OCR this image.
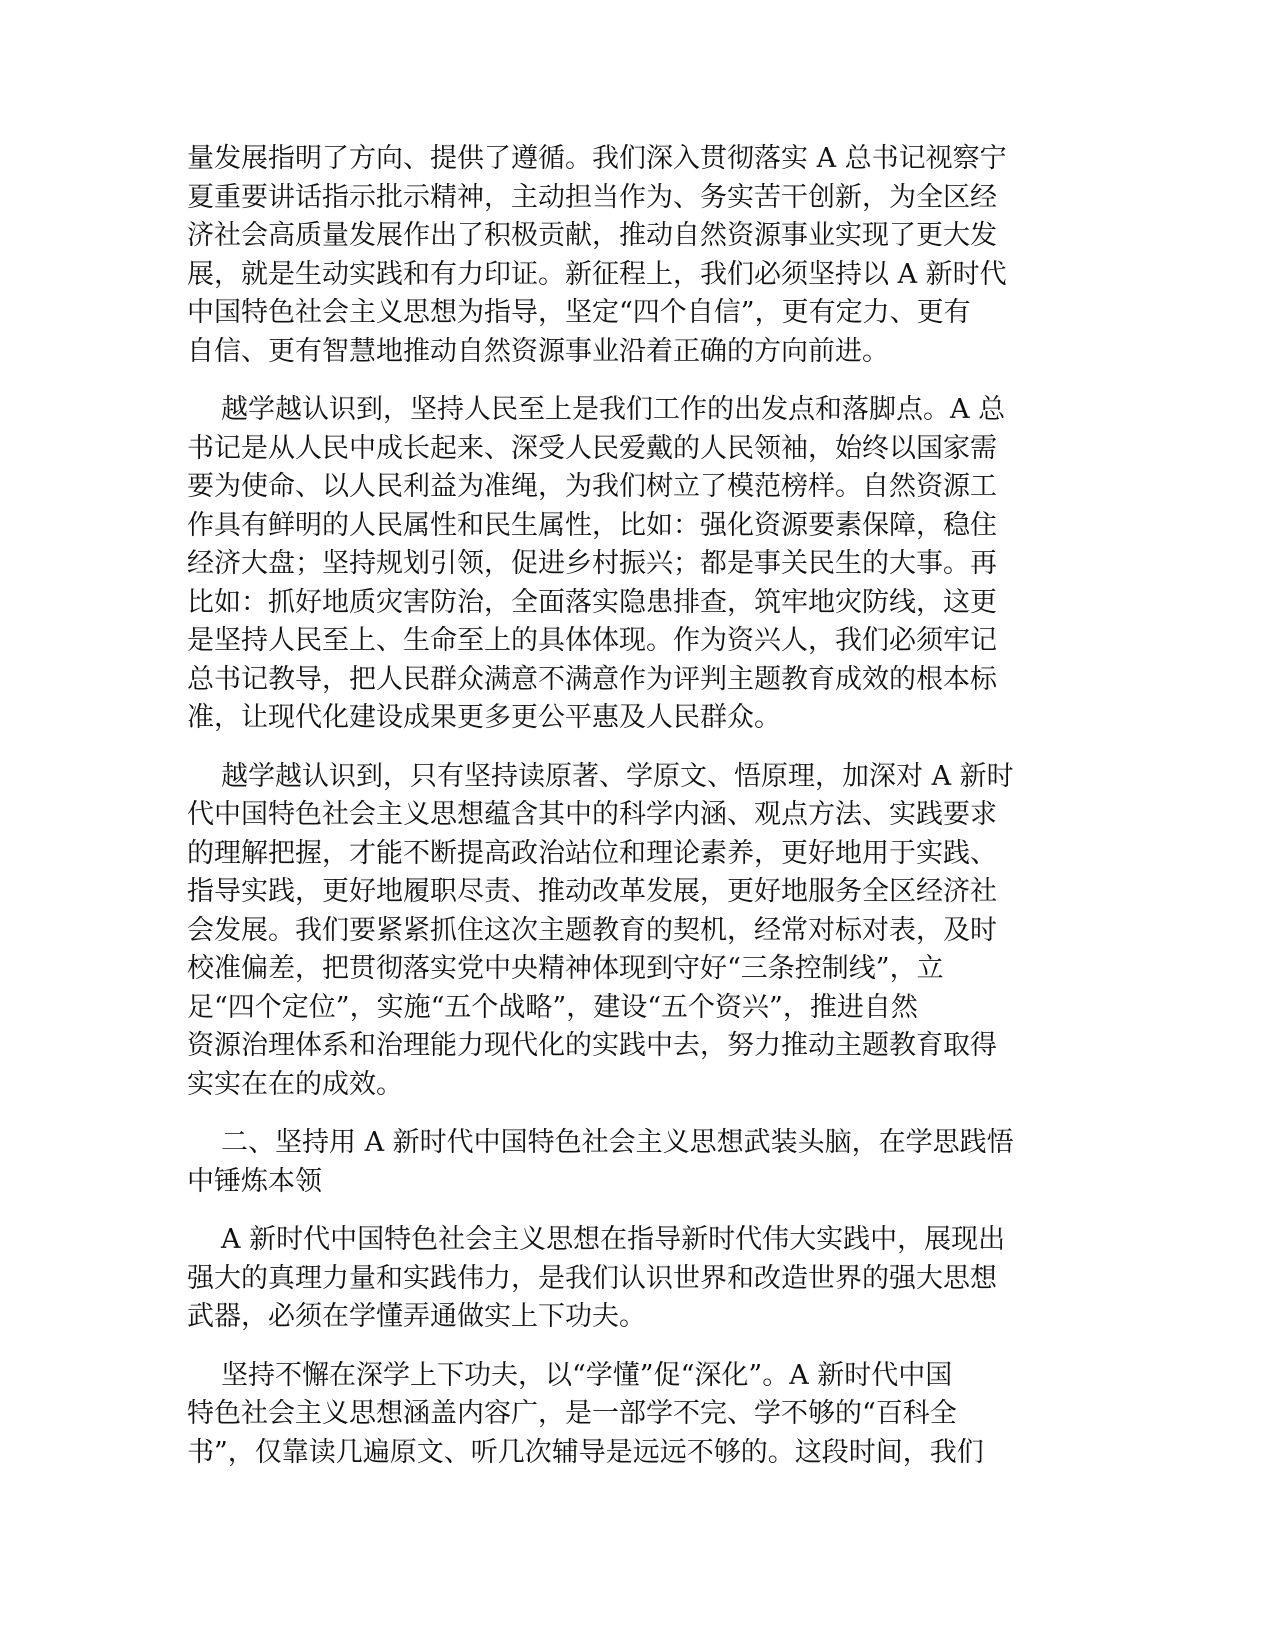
量发展指明了方向、提供了遵循。我们深入贯彻落实 A 总书记视察宁
夏重要讲话指示批示精神，主动担当作为、务实苦干创新，为全区经
济社会高质量发展作出了积极贡献，推动自然资源事业实现了更大发
展，就是生动实践和有力印证。新征程上，我们必须坚持以 A 新时代
中国特色社会主义思想为指导，坚定“四个自信”，更有定力、更有
自信、更有智慧地推动自然资源事业沿着正确的方向前进。
越学越认识到，坚持人民至上是我们工作的出发点和落脚点。A 总
书记是从人民中成长起来、深受人民爱戴的人民领袖，始终以国家需
要为使命、以人民利益为准绳，为我们树立了模范榜样。自然资源工
作具有鲜明的人民属性和民生属性，比如：强化资源要素保障，稳住
经济大盘；坚持规划引领，促进乡村振兴；都是事关民生的大事。再
比如：抓好地质灾害防治，全面落实隐患排查，筑牢地灾防线，这更
是坚持人民至上、生命至上的具体体现。作为资兴人，我们必须牢记
总书记教导，把人民群众满意不满意作为评判主题教育成效的根本标
准，让现代化建设成果更多更公平惠及人民群众。
越学越认识到，只有坚持读原著、学原文、悟原理，加深对 A 新时
代中国特色社会主义思想蕴含其中的科学内涵、观点方法、实践要求
的理解把握，才能不断提高政治站位和理论素养，更好地用于实践、
指导实践，更好地履职尽责、推动改革发展，更好地服务全区经济社
会发展。我们要紧紧抓住这次主题教育的契机，经常对标对表，及时
校准偏差，把贯彻落实党中央精神体现到守好“三条控制线”，立
足“四个定位”，实施“五个战略”，建设“五个资兴”，推进自然
资源治理体系和治理能力现代化的实践中去，努力推动主题教育取得
实实在在的成效。
二、坚持用 A 新时代中国特色社会主义思想武装头脑，在学思践悟
中锤炼本领
A 新时代中国特色社会主义思想在指导新时代伟大实践中，展现出
强大的真理力量和实践伟力，是我们认识世界和改造世界的强大思想
武器，必须在学懂弄通做实上下功夫。
坚持不懈在深学上下功夫，以“学懂”促“深化”。A 新时代中国
特色社会主义思想涵盖内容广，是一部学不完、学不够的“百科全
书”，仅靠读几遍原文、听几次辅导是远远不够的。这段时间，我们
